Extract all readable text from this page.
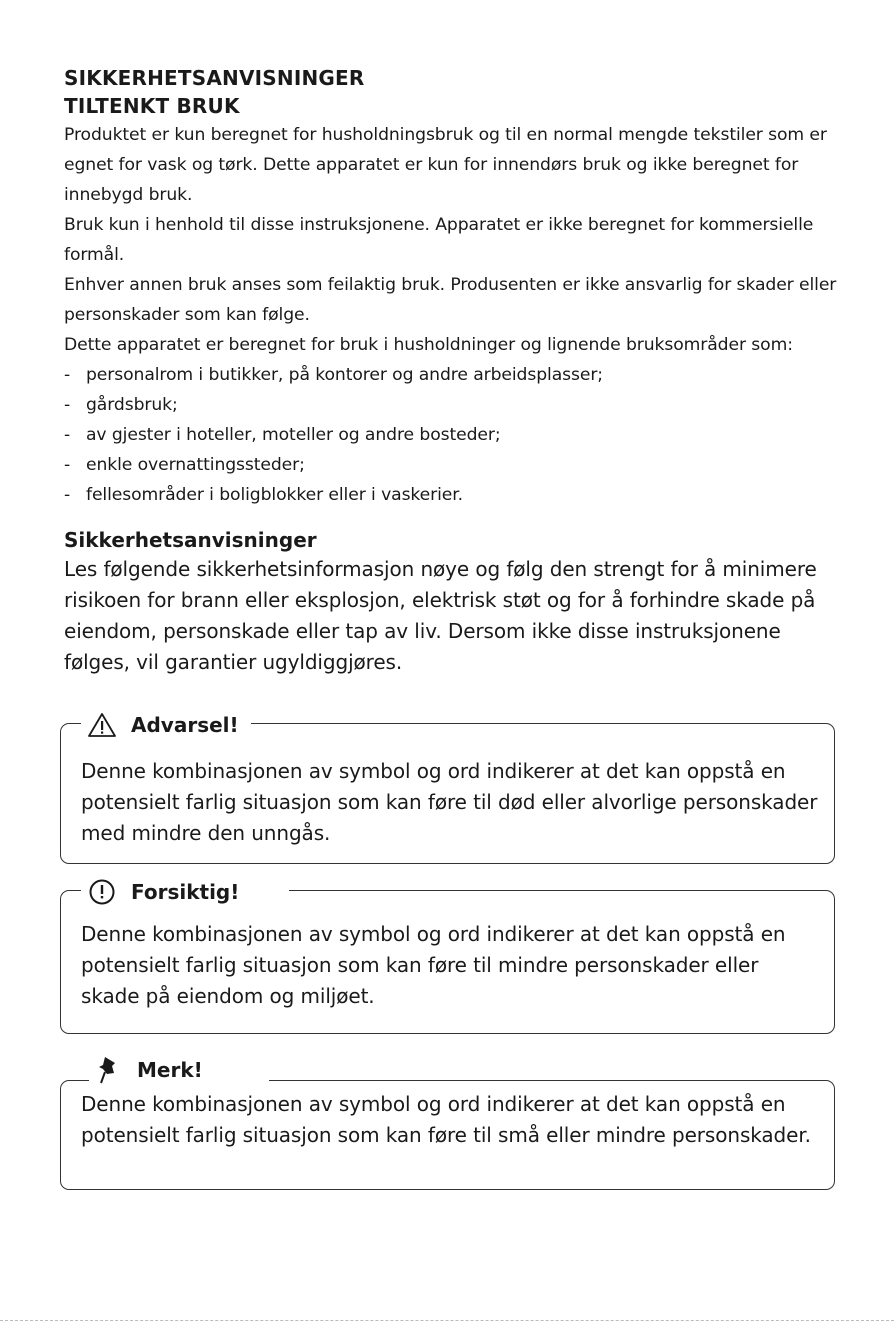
SIKKERHETSANVISNINGER
TILTENKT BRUK
Produktet er kun beregnet for husholdningsbruk og til en normal mengde tekstiler som er egnet for vask og tørk. Dette apparatet er kun for innendørs bruk og ikke beregnet for innebygd bruk.
Bruk kun i henhold til disse instruksjonene. Apparatet er ikke beregnet for kommersielle formål.
Enhver annen bruk anses som feilaktig bruk. Produsenten er ikke ansvarlig for skader eller personskader som kan følge.
Dette apparatet er beregnet for bruk i husholdninger og lignende bruksområder som:
- personalrom i butikker, på kontorer og andre arbeidsplasser;
- gårdsbruk;
- av gjester i hoteller, moteller og andre bosteder;
- enkle overnattingssteder;
- fellesområder i boligblokker eller i vaskerier.
Sikkerhetsanvisninger
Les følgende sikkerhetsinformasjon nøye og følg den strengt for å minimere risikoen for brann eller eksplosjon, elektrisk støt og for å forhindre skade på eiendom, personskade eller tap av liv. Dersom ikke disse instruksjonene følges, vil garantier ugyldiggjøres.
Advarsel!
Denne kombinasjonen av symbol og ord indikerer at det kan oppstå en potensielt farlig situasjon som kan føre til død eller alvorlige personskader med mindre den unngås.
Forsiktig!
Denne kombinasjonen av symbol og ord indikerer at det kan oppstå en potensielt farlig situasjon som kan føre til mindre personskader eller skade på eiendom og miljøet.
Merk!
Denne kombinasjonen av symbol og ord indikerer at det kan oppstå en potensielt farlig situasjon som kan føre til små eller mindre personskader.
